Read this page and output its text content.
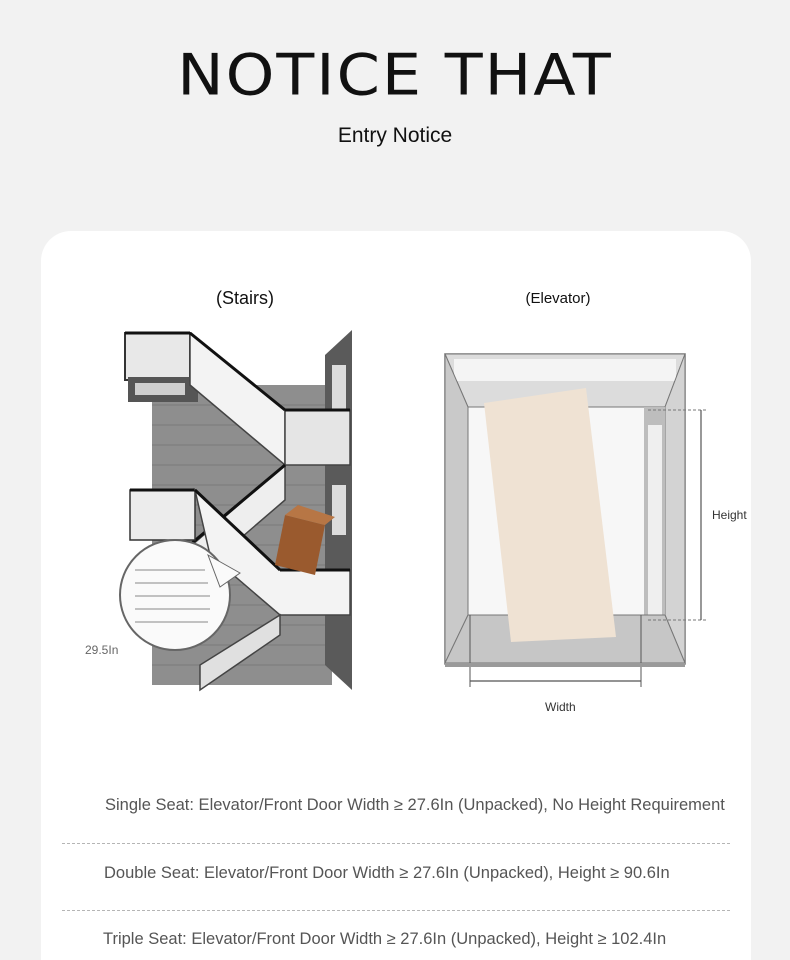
NOTICE THAT
Entry Notice
(Stairs)	(Elevator)
29.5In
Height
Width
Single Seat: Elevator/Front Door Width ≥ 27.6In (Unpacked), No Height Requirement
Double Seat: Elevator/Front Door Width ≥ 27.6In (Unpacked), Height ≥ 90.6In
Triple Seat: Elevator/Front Door Width ≥ 27.6In (Unpacked), Height ≥ 102.4In
